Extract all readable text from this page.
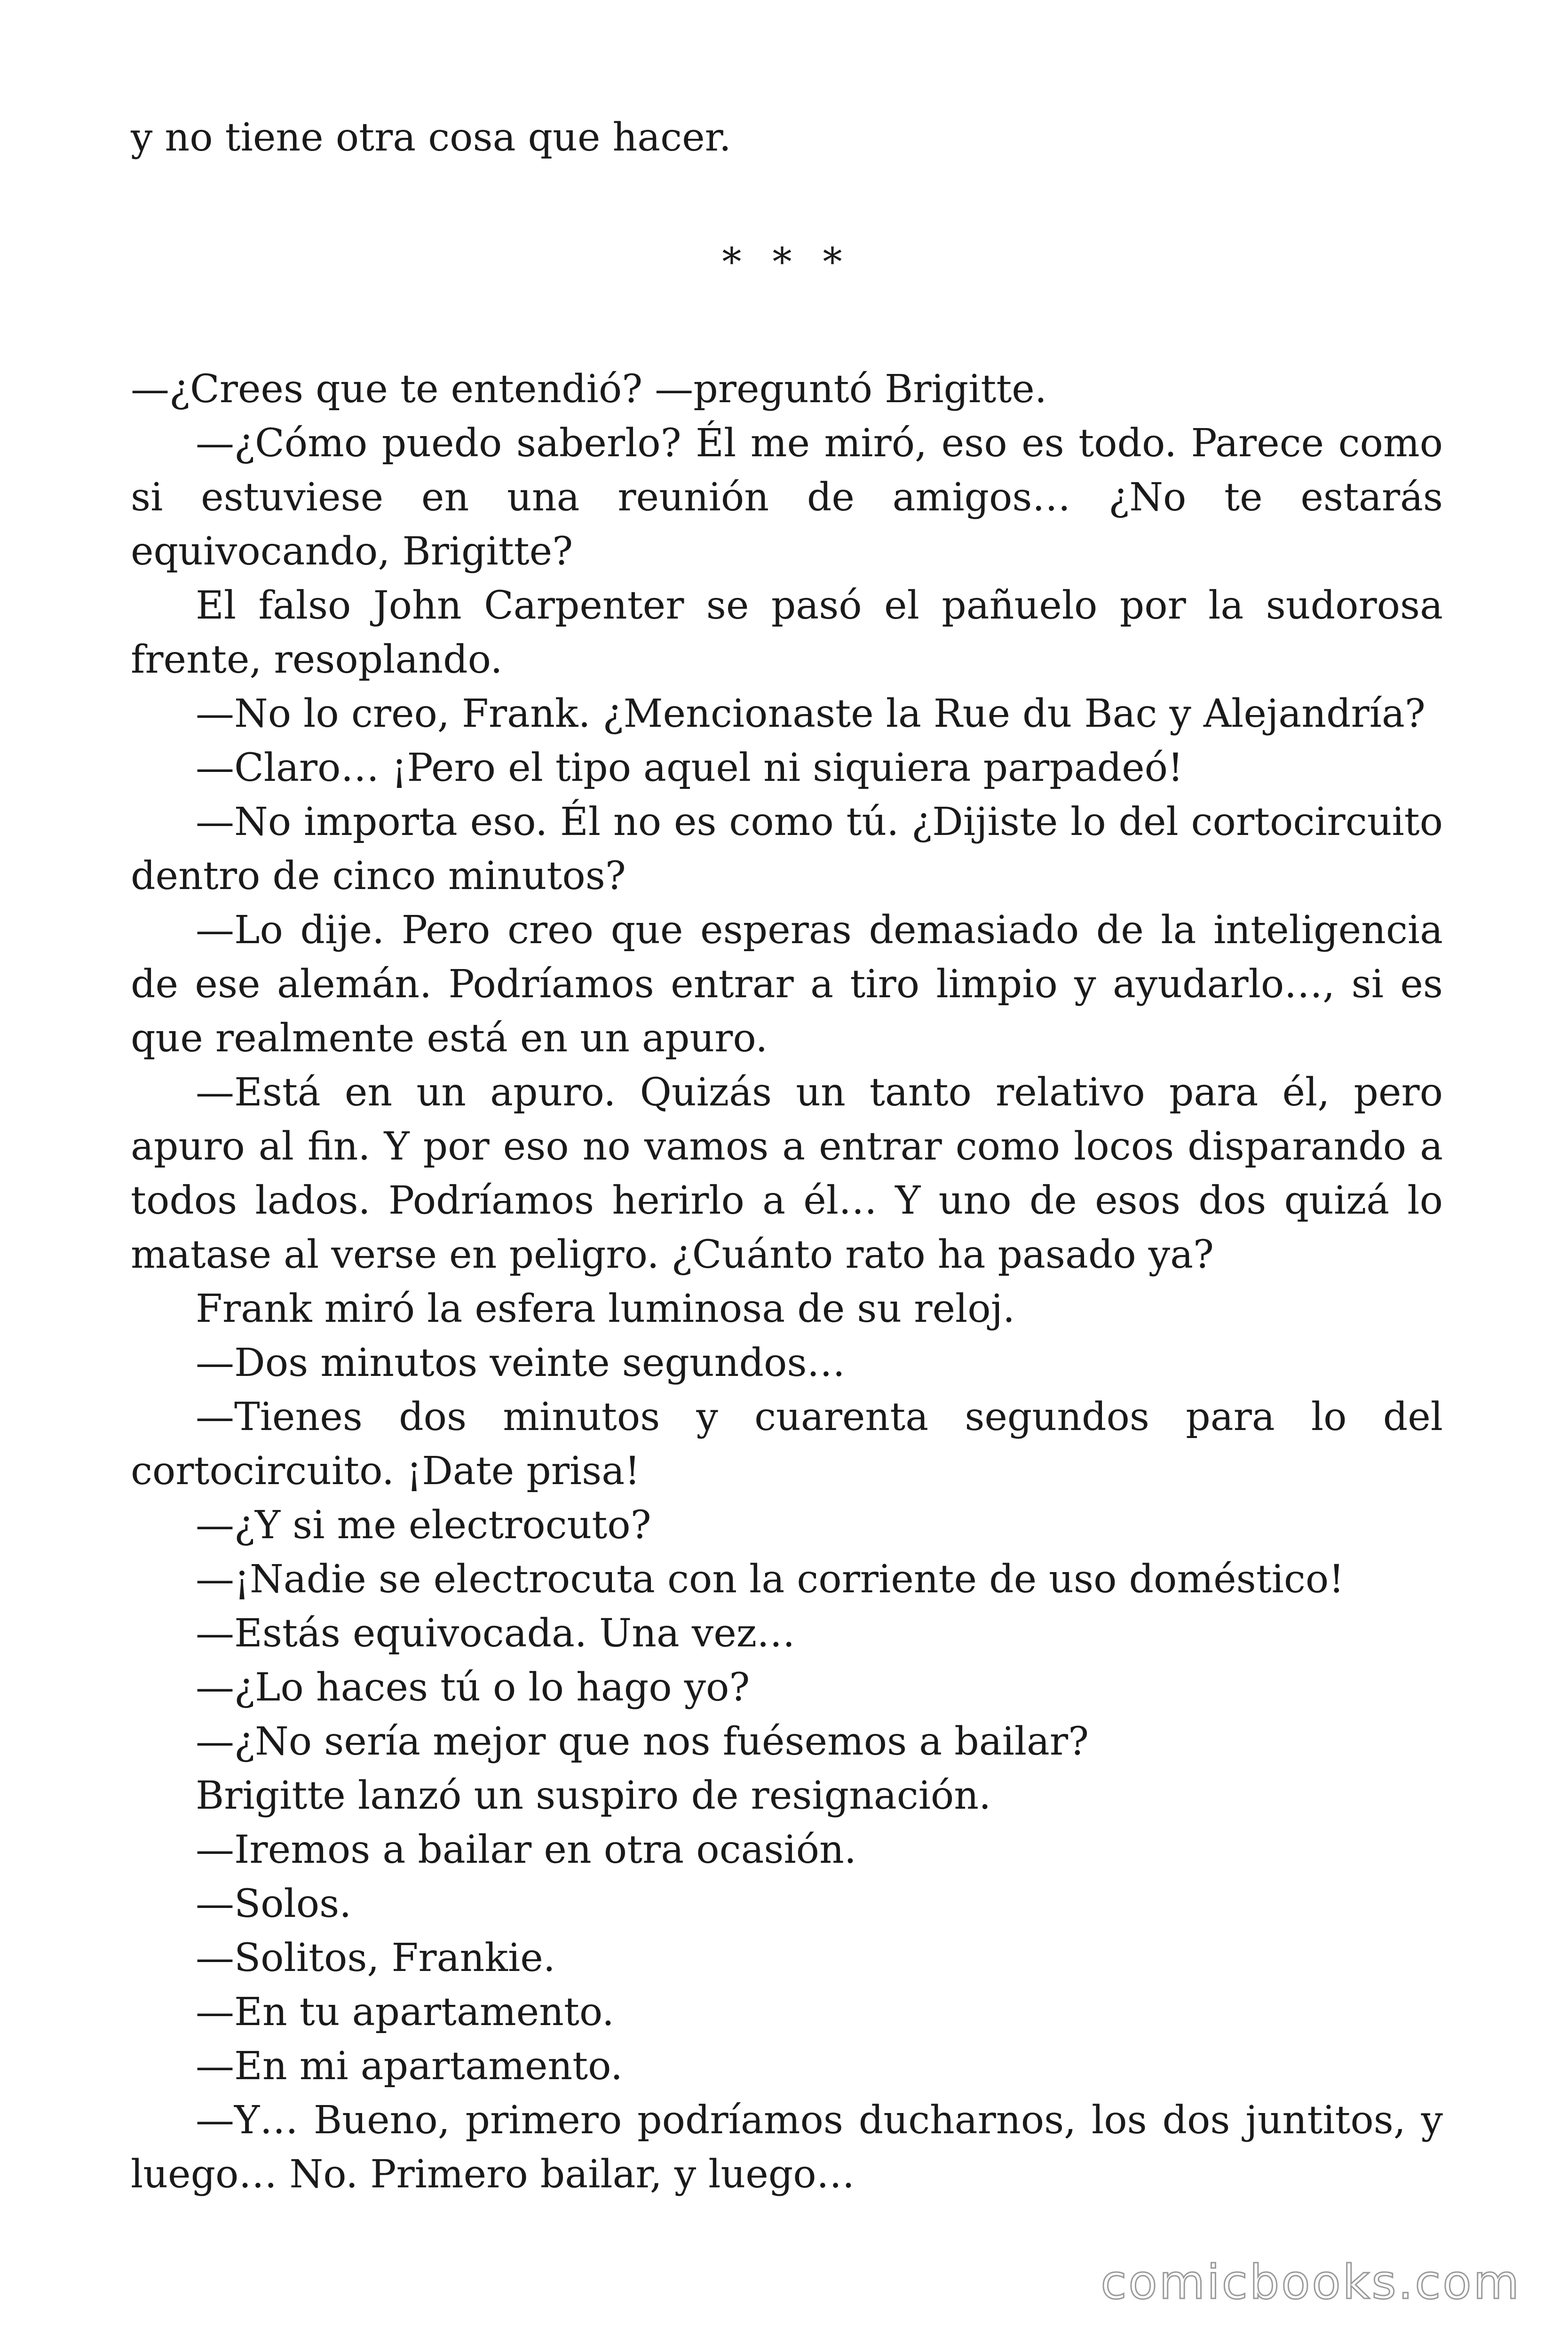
y no tiene otra cosa que hacer.

* * *

—¿Crees que te entendió? —preguntó Brigitte.

—¿Cómo puedo saberlo? Él me miró, eso es todo. Parece como si estuviese en una reunión de amigos… ¿No te estarás equivocando, Brigitte?

El falso John Carpenter se pasó el pañuelo por la sudorosa frente, resoplando.

—No lo creo, Frank. ¿Mencionaste la Rue du Bac y Alejandría?

—Claro… ¡Pero el tipo aquel ni siquiera parpadeó!

—No importa eso. Él no es como tú. ¿Dijiste lo del cortocircuito dentro de cinco minutos?

—Lo dije. Pero creo que esperas demasiado de la inteligencia de ese alemán. Podríamos entrar a tiro limpio y ayudarlo…, si es que realmente está en un apuro.

—Está en un apuro. Quizás un tanto relativo para él, pero apuro al fin. Y por eso no vamos a entrar como locos disparando a todos lados. Podríamos herirlo a él… Y uno de esos dos quizá lo matase al verse en peligro. ¿Cuánto rato ha pasado ya?

Frank miró la esfera luminosa de su reloj.

—Dos minutos veinte segundos…

—Tienes dos minutos y cuarenta segundos para lo del cortocircuito. ¡Date prisa!

—¿Y si me electrocuto?

—¡Nadie se electrocuta con la corriente de uso doméstico!

—Estás equivocada. Una vez…

—¿Lo haces tú o lo hago yo?

—¿No sería mejor que nos fuésemos a bailar?

Brigitte lanzó un suspiro de resignación.

—Iremos a bailar en otra ocasión.

—Solos.

—Solitos, Frankie.

—En tu apartamento.

—En mi apartamento.

—Y… Bueno, primero podríamos ducharnos, los dos juntitos, y luego… No. Primero bailar, y luego…

comicbooks.com
